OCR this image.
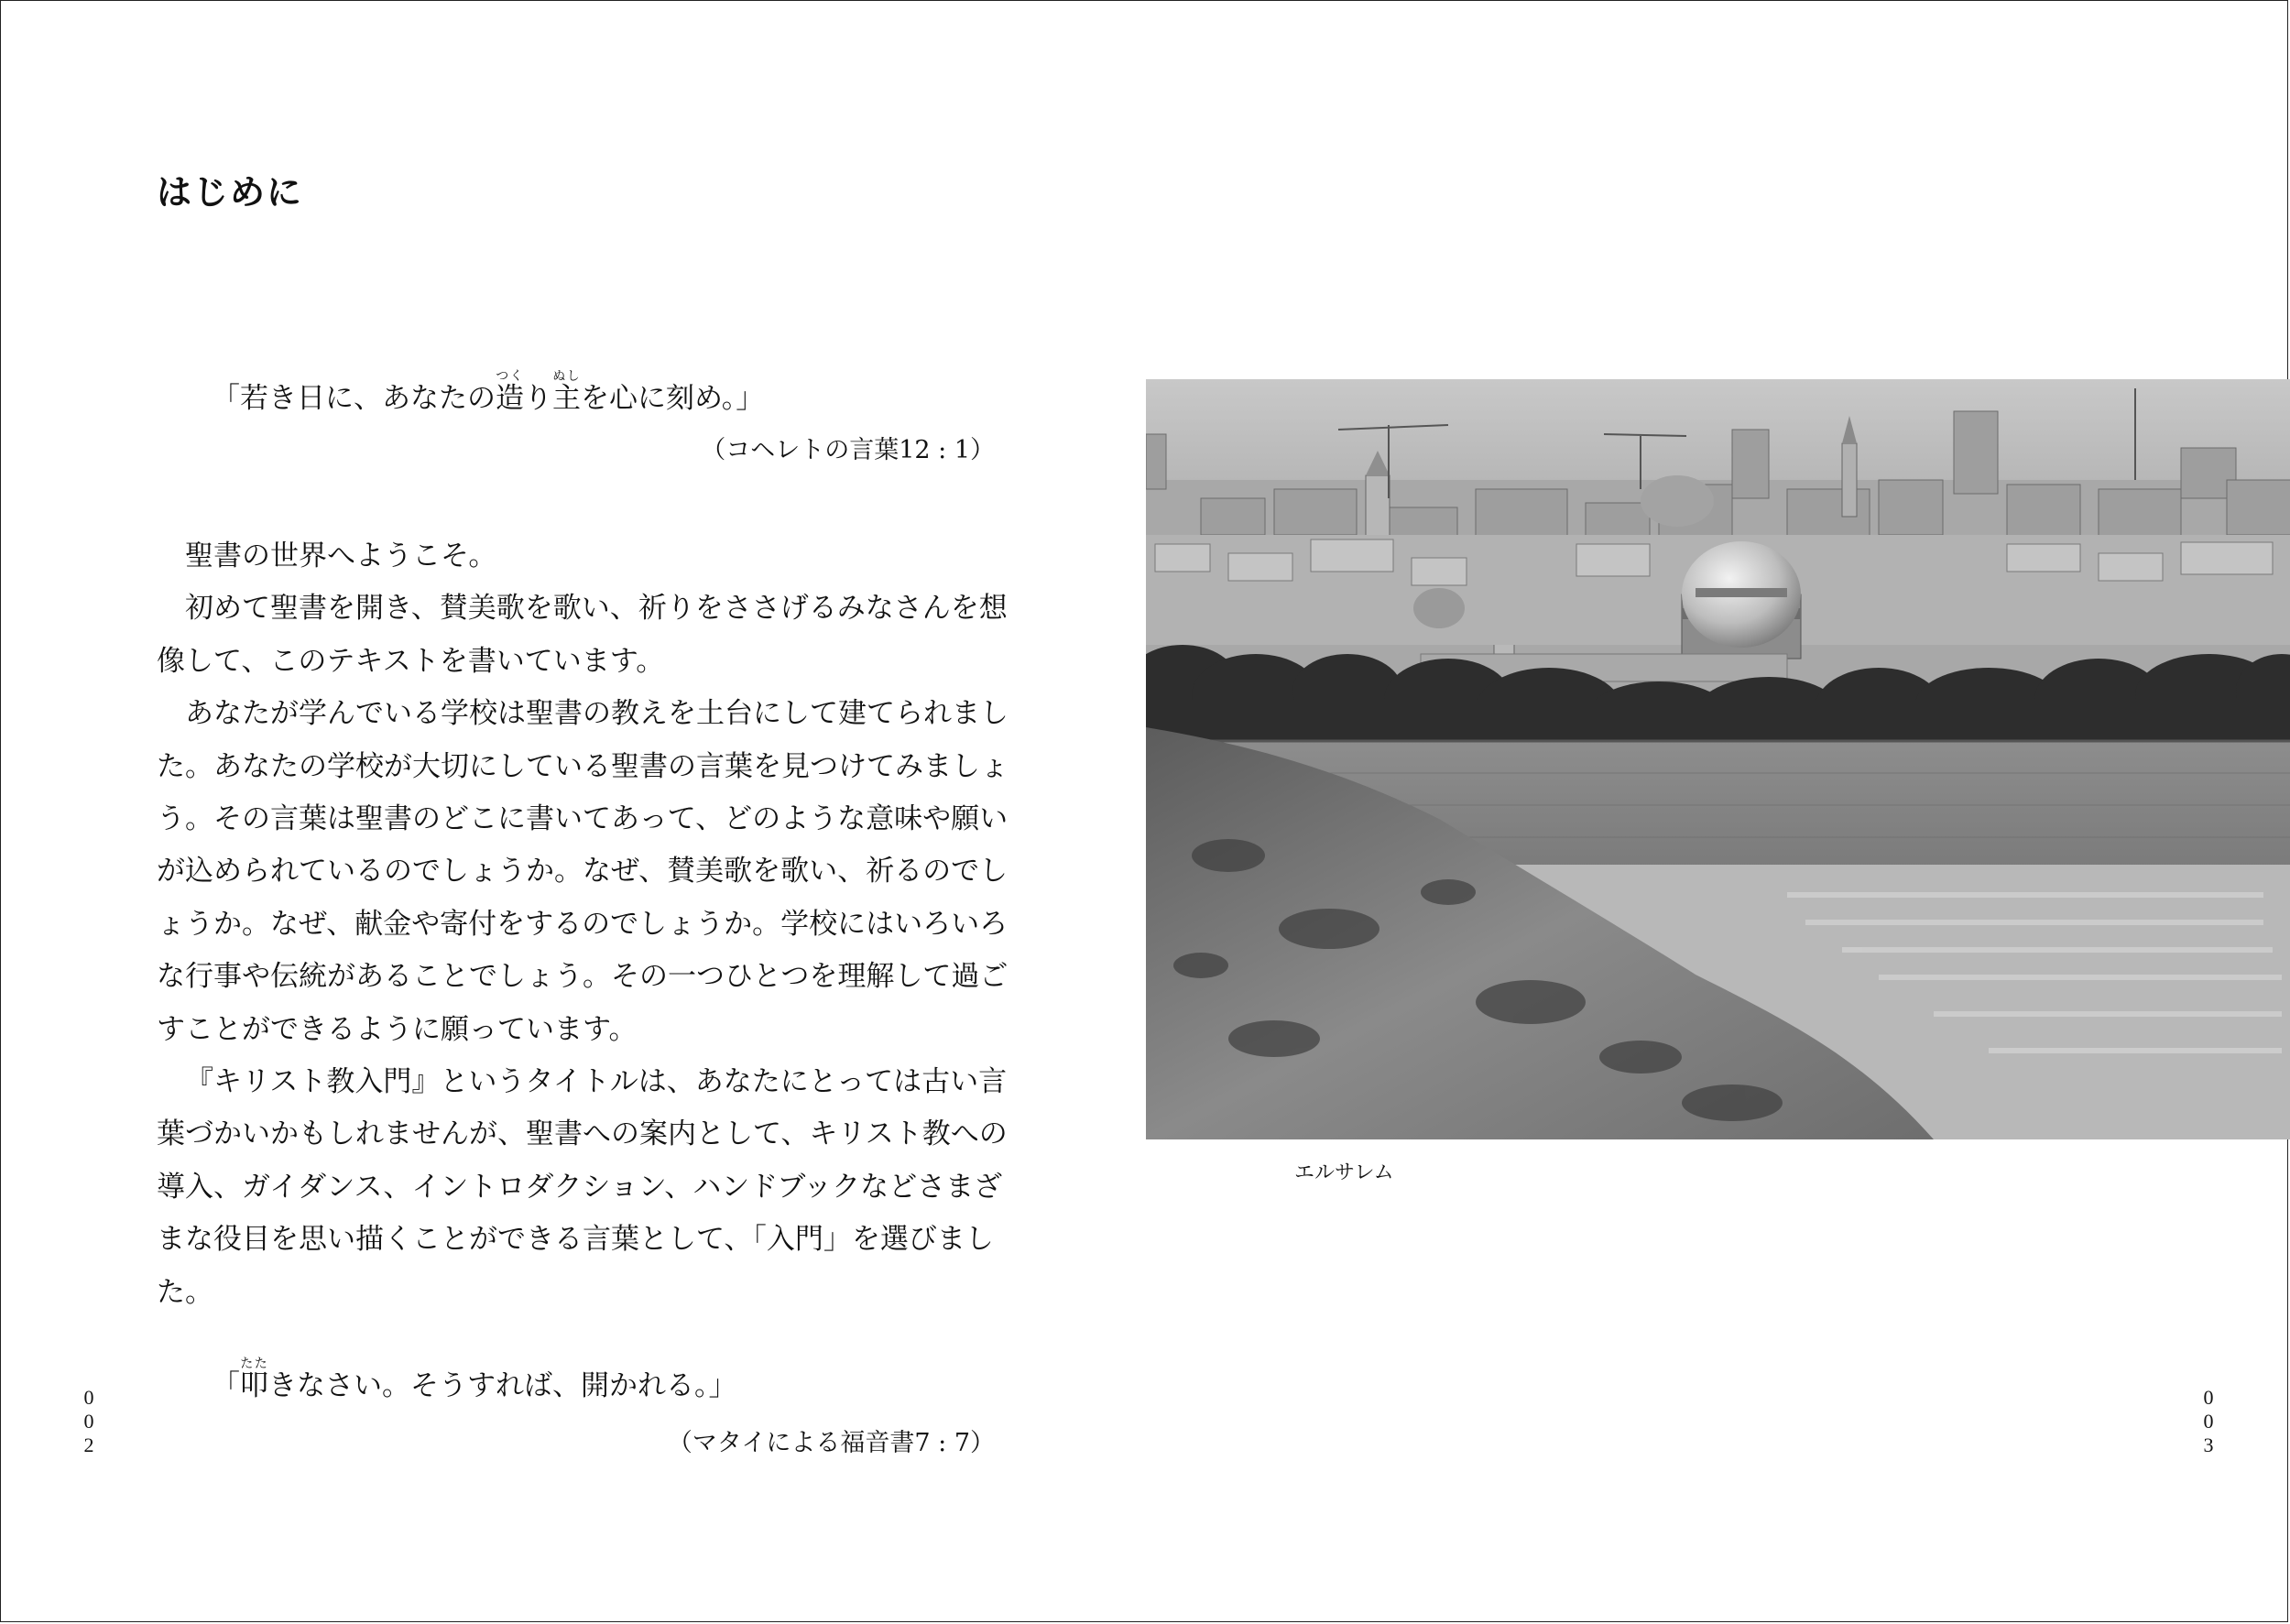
はじめに
「若き日に、あなたの造つくり主ぬしを心に刻め。」
（コヘレトの言葉12 : 1）

聖書の世界へようこそ。

初めて聖書を開き、賛美歌を歌い、祈りをささげるみなさんを想像して、このテキストを書いています。

あなたが学んでいる学校は聖書の教えを土台にして建てられました。あなたの学校が大切にしている聖書の言葉を見つけてみましょう。その言葉は聖書のどこに書いてあって、どのような意味や願いが込められているのでしょうか。なぜ、賛美歌を歌い、祈るのでしょうか。なぜ、献金や寄付をするのでしょうか。学校にはいろいろな行事や伝統があることでしょう。その一つひとつを理解して過ごすことができるように願っています。

『キリスト教入門』というタイトルは、あなたにとっては古い言葉づかいかもしれませんが、聖書への案内として、キリスト教への導入、ガイダンス、イントロダクション、ハンドブックなどさまざまな役目を思い描くことができる言葉として、「入門」を選びました。

「叩たたきなさい。そうすれば、開かれる。」
（マタイによる福音書7 : 7）
0
0
2
エルサレム
0
0
3
